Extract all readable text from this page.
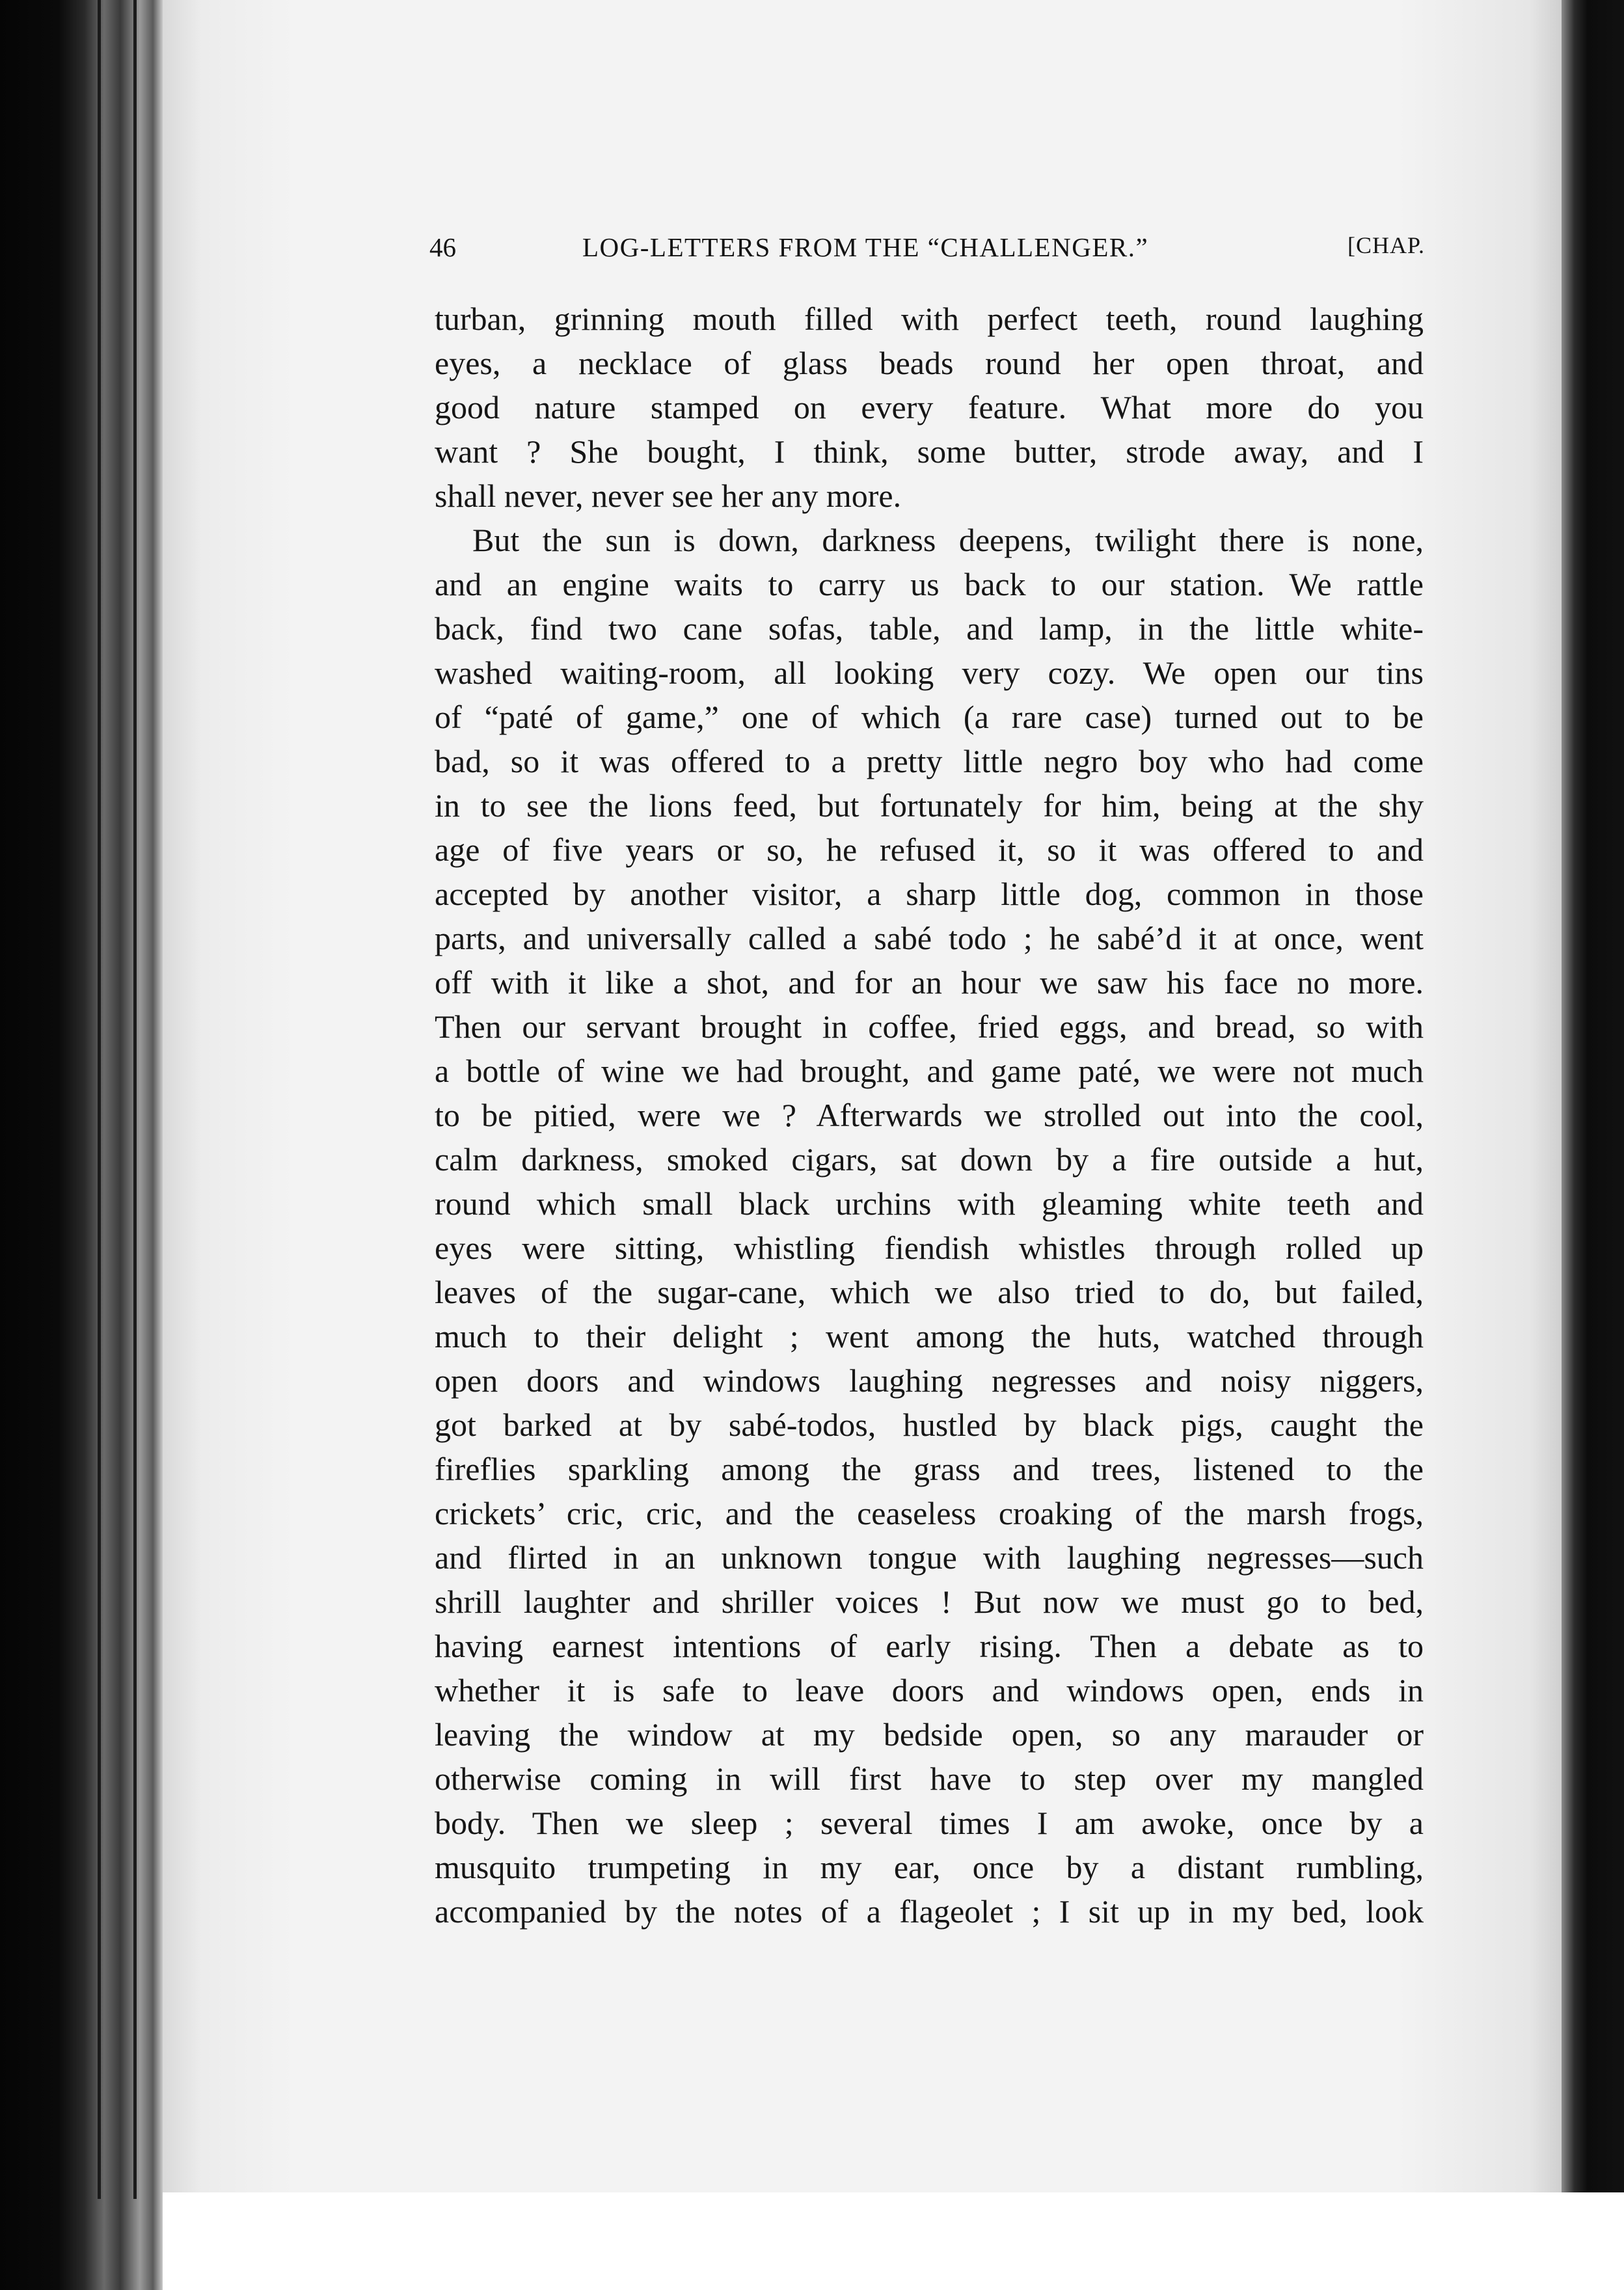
46	LOG-LETTERS FROM THE “CHALLENGER.”	[CHAP.
turban, grinning mouth filled with perfect teeth, round laughing
eyes, a necklace of glass beads round her open throat, and
good nature stamped on every feature. What more do you
want ? She bought, I think, some butter, strode away, and I
shall never, never see her any more.
But the sun is down, darkness deepens, twilight there is none,
and an engine waits to carry us back to our station. We rattle
back, find two cane sofas, table, and lamp, in the little white-
washed waiting-room, all looking very cozy. We open our tins
of “paté of game,” one of which (a rare case) turned out to be
bad, so it was offered to a pretty little negro boy who had come
in to see the lions feed, but fortunately for him, being at the shy
age of five years or so, he refused it, so it was offered to and
accepted by another visitor, a sharp little dog, common in those
parts, and universally called a sabé todo ; he sabé’d it at once, went
off with it like a shot, and for an hour we saw his face no more.
Then our servant brought in coffee, fried eggs, and bread, so with
a bottle of wine we had brought, and game paté, we were not much
to be pitied, were we ? Afterwards we strolled out into the cool,
calm darkness, smoked cigars, sat down by a fire outside a hut,
round which small black urchins with gleaming white teeth and
eyes were sitting, whistling fiendish whistles through rolled up
leaves of the sugar-cane, which we also tried to do, but failed,
much to their delight ; went among the huts, watched through
open doors and windows laughing negresses and noisy niggers,
got barked at by sabé-todos, hustled by black pigs, caught the
fireflies sparkling among the grass and trees, listened to the
crickets’ cric, cric, and the ceaseless croaking of the marsh frogs,
and flirted in an unknown tongue with laughing negresses—such
shrill laughter and shriller voices ! But now we must go to bed,
having earnest intentions of early rising. Then a debate as to
whether it is safe to leave doors and windows open, ends in
leaving the window at my bedside open, so any marauder or
otherwise coming in will first have to step over my mangled
body. Then we sleep ; several times I am awoke, once by a
musquito trumpeting in my ear, once by a distant rumbling,
accompanied by the notes of a flageolet ; I sit up in my bed, look
